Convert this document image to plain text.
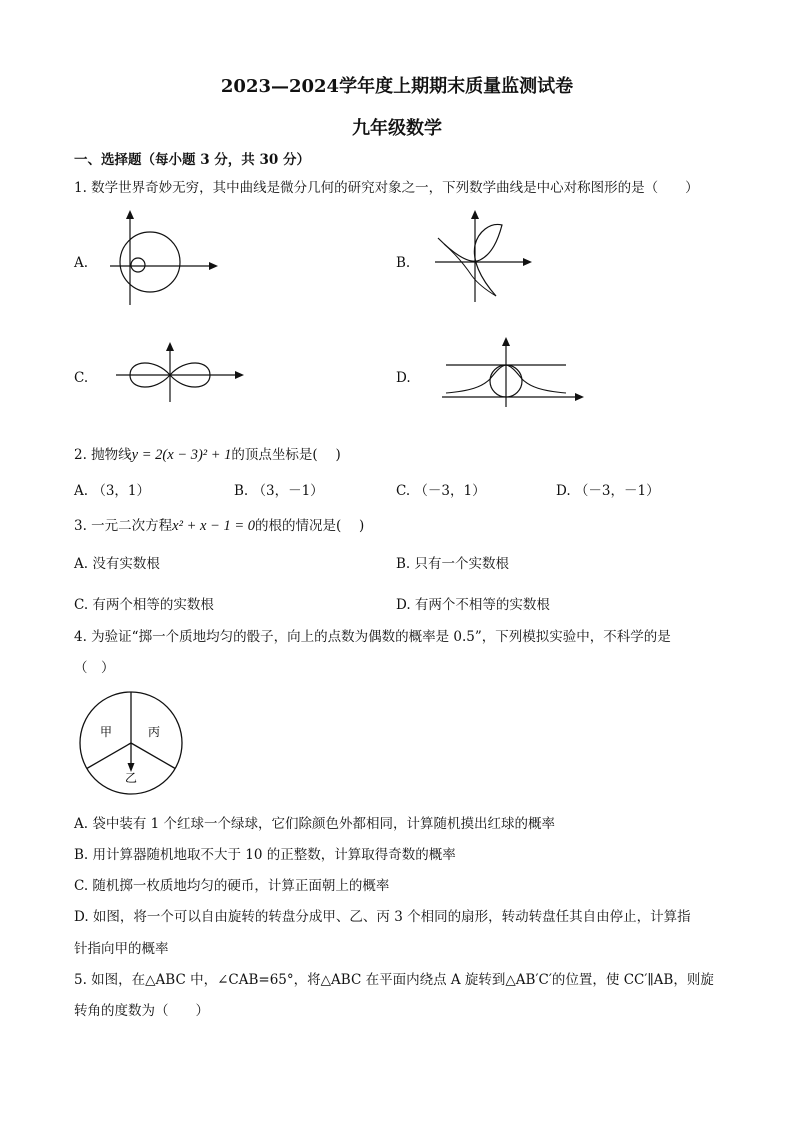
2023—2024学年度上期期末质量监测试卷
九年级数学
一、选择题（每小题 3 分，共 30 分）
1. 数学世界奇妙无穷，其中曲线是微分几何的研究对象之一，下列数学曲线是中心对称图形的是（　　）
A.	B.
C.	D.
2. 抛物线y = 2(x − 3)² + 1的顶点坐标是(　 )
A. （3，1）	B. （3，－1）	C. （－3，1）	D. （－3，－1）
3. 一元二次方程x² + x − 1 = 0的根的情况是(　 )
A. 没有实数根	B. 只有一个实数根
C. 有两个相等的实数根	D. 有两个不相等的实数根
4. 为验证“掷一个质地均匀的骰子，向上的点数为偶数的概率是 0.5”，下列模拟实验中，不科学的是
（　）
甲	丙
乙
A. 袋中装有 1 个红球一个绿球，它们除颜色外都相同，计算随机摸出红球的概率
B. 用计算器随机地取不大于 10 的正整数，计算取得奇数的概率
C. 随机掷一枚质地均匀的硬币，计算正面朝上的概率
D. 如图，将一个可以自由旋转的转盘分成甲、乙、丙 3 个相同的扇形，转动转盘任其自由停止，计算指
针指向甲的概率
5. 如图，在△ABC 中，∠CAB=65°，将△ABC 在平面内绕点 A 旋转到△AB′C′的位置，使 CC′∥AB，则旋
转角的度数为（　　）
